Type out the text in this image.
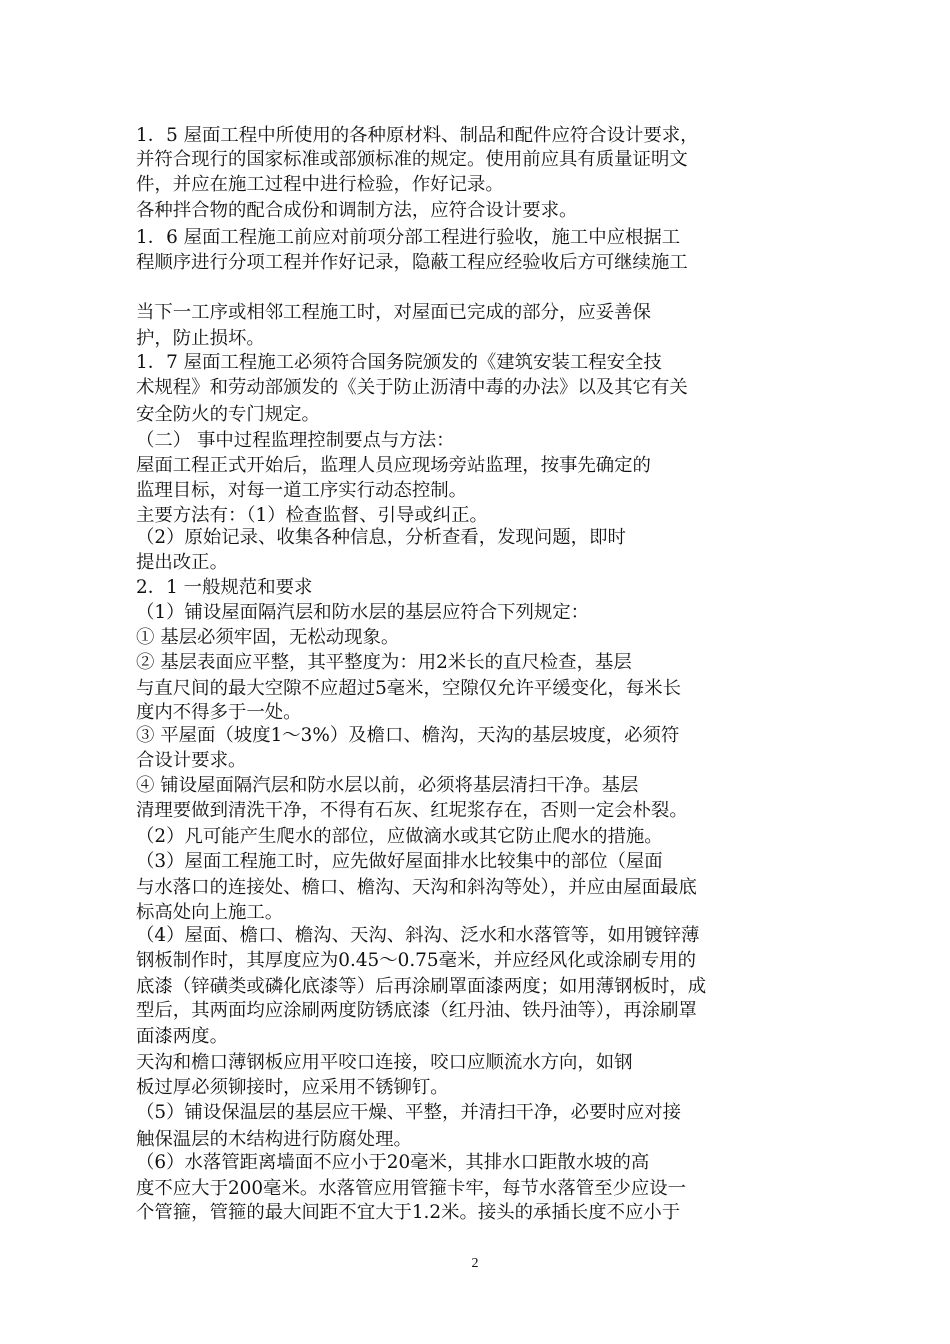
1．5 屋面工程中所使用的各种原材料、制品和配件应符合设计要求，
并符合现行的国家标准或部颁标准的规定。使用前应具有质量证明文
件，并应在施工过程中进行检验，作好记录。
各种拌合物的配合成份和调制方法，应符合设计要求。
1．6 屋面工程施工前应对前项分部工程进行验收，施工中应根据工
程顺序进行分项工程并作好记录，隐蔽工程应经验收后方可继续施工
当下一工序或相邻工程施工时，对屋面已完成的部分，应妥善保
护，防止损坏。
1．7 屋面工程施工必须符合国务院颁发的《建筑安装工程安全技
术规程》和劳动部颁发的《关于防止沥清中毒的办法》以及其它有关
安全防火的专门规定。
（二） 事中过程监理控制要点与方法：
屋面工程正式开始后，监理人员应现场旁站监理，按事先确定的
监理目标，对每一道工序实行动态控制。
主要方法有：（1）检查监督、引导或纠正。
（2）原始记录、收集各种信息，分析查看，发现问题，即时
提出改正。
2．1 一般规范和要求
（1）铺设屋面隔汽层和防水层的基层应符合下列规定：
① 基层必须牢固，无松动现象。
② 基层表面应平整，其平整度为：用2米长的直尺检查，基层
与直尺间的最大空隙不应超过5毫米，空隙仅允许平缓变化，每米长
度内不得多于一处。
③ 平屋面（坡度1～3%）及檐口、檐沟，天沟的基层坡度，必须符
合设计要求。
④ 铺设屋面隔汽层和防水层以前，必须将基层清扫干净。基层
清理要做到清洗干净，不得有石灰、红坭浆存在，否则一定会朴裂。
（2）凡可能产生爬水的部位，应做滴水或其它防止爬水的措施。
（3）屋面工程施工时，应先做好屋面排水比较集中的部位（屋面
与水落口的连接处、檐口、檐沟、天沟和斜沟等处），并应由屋面最底
标高处向上施工。
（4）屋面、檐口、檐沟、天沟、斜沟、泛水和水落管等，如用镀锌薄
钢板制作时，其厚度应为0.45～0.75毫米，并应经风化或涂刷专用的
底漆（锌磺类或磷化底漆等）后再涂刷罩面漆两度；如用薄钢板时，成
型后，其两面均应涂刷两度防锈底漆（红丹油、铁丹油等），再涂刷罩
面漆两度。
天沟和檐口薄钢板应用平咬口连接，咬口应顺流水方向，如钢
板过厚必须铆接时，应采用不锈铆钉。
（5）铺设保温层的基层应干燥、平整，并清扫干净，必要时应对接
触保温层的木结构进行防腐处理。
（6）水落管距离墙面不应小于20毫米，其排水口距散水坡的高
度不应大于200毫米。水落管应用管箍卡牢，每节水落管至少应设一
个管箍，管箍的最大间距不宜大于1.2米。接头的承插长度不应小于
2
